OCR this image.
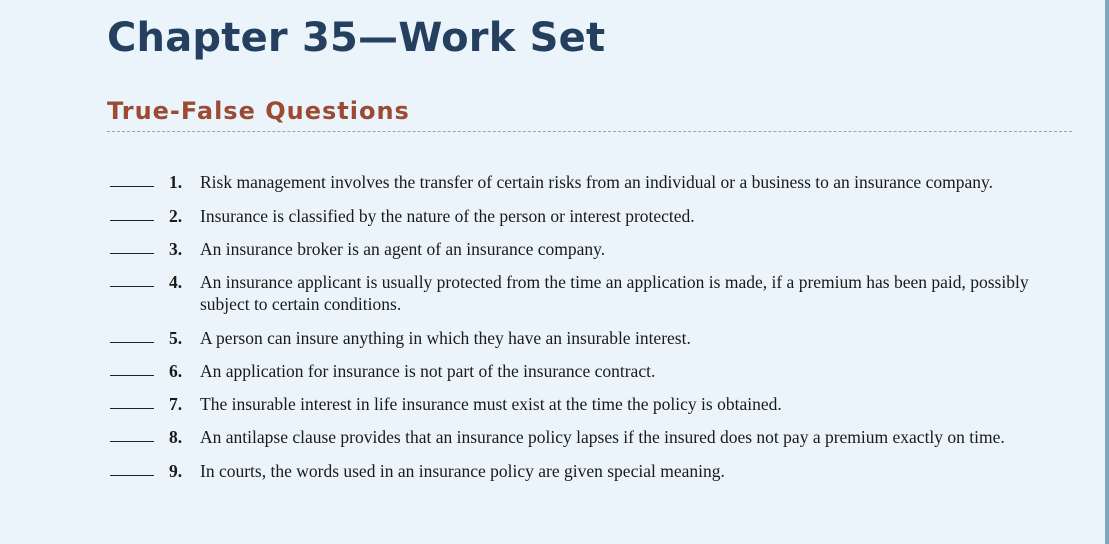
Chapter 35—Work Set
True-False Questions
1. Risk management involves the transfer of certain risks from an individual or a business to an insurance company.
2. Insurance is classified by the nature of the person or interest protected.
3. An insurance broker is an agent of an insurance company.
4. An insurance applicant is usually protected from the time an application is made, if a premium has been paid, possibly subject to certain conditions.
5. A person can insure anything in which they have an insurable interest.
6. An application for insurance is not part of the insurance contract.
7. The insurable interest in life insurance must exist at the time the policy is obtained.
8. An antilapse clause provides that an insurance policy lapses if the insured does not pay a premium exactly on time.
9. In courts, the words used in an insurance policy are given special meaning.
